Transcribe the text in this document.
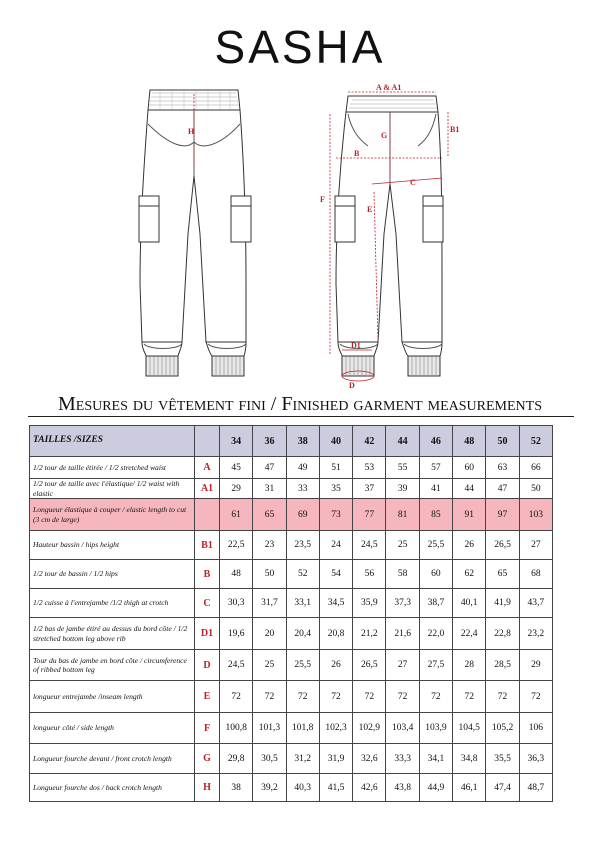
SASHA
H
A & A1
B1
G
B
C
F
E
D1
D
Mesures du vêtement fini / Finished garment measurements
TAILLES /SIZES		34	36	38	40	42	44	46	48	50	52
1/2 tour de taille étirée / 1/2 stretched waist	A	45	47	49	51	53	55	57	60	63	66
1/2 tour de taille avec l'élastique/ 1/2 waist with elastic	A1	29	31	33	35	37	39	41	44	47	50
Longueur élastique à couper / elastic length to cut (3 cm de large)		61	65	69	73	77	81	85	91	97	103
Hauteur bassin / hips height	B1	22,5	23	23,5	24	24,5	25	25,5	26	26,5	27
1/2 tour de bassin / 1/2 hips	B	48	50	52	54	56	58	60	62	65	68
1/2 cuisse à l'entrejambe /1/2 thigh at crotch	C	30,3	31,7	33,1	34,5	35,9	37,3	38,7	40,1	41,9	43,7
1/2 bas de jambe étiré au dessus du bord côte / 1/2 stretched bottom leg above rib	D1	19,6	20	20,4	20,8	21,2	21,6	22,0	22,4	22,8	23,2
Tour du bas de jambe en bord côte / circumference of ribbed bottom leg	D	24,5	25	25,5	26	26,5	27	27,5	28	28,5	29
longueur entrejambe /inseam length	E	72	72	72	72	72	72	72	72	72	72
longueur côté / side length	F	100,8	101,3	101,8	102,3	102,9	103,4	103,9	104,5	105,2	106
Longueur fourche devant / front crotch length	G	29,8	30,5	31,2	31,9	32,6	33,3	34,1	34,8	35,5	36,3
Longueur fourche dos / back crotch length	H	38	39,2	40,3	41,5	42,6	43,8	44,9	46,1	47,4	48,7
